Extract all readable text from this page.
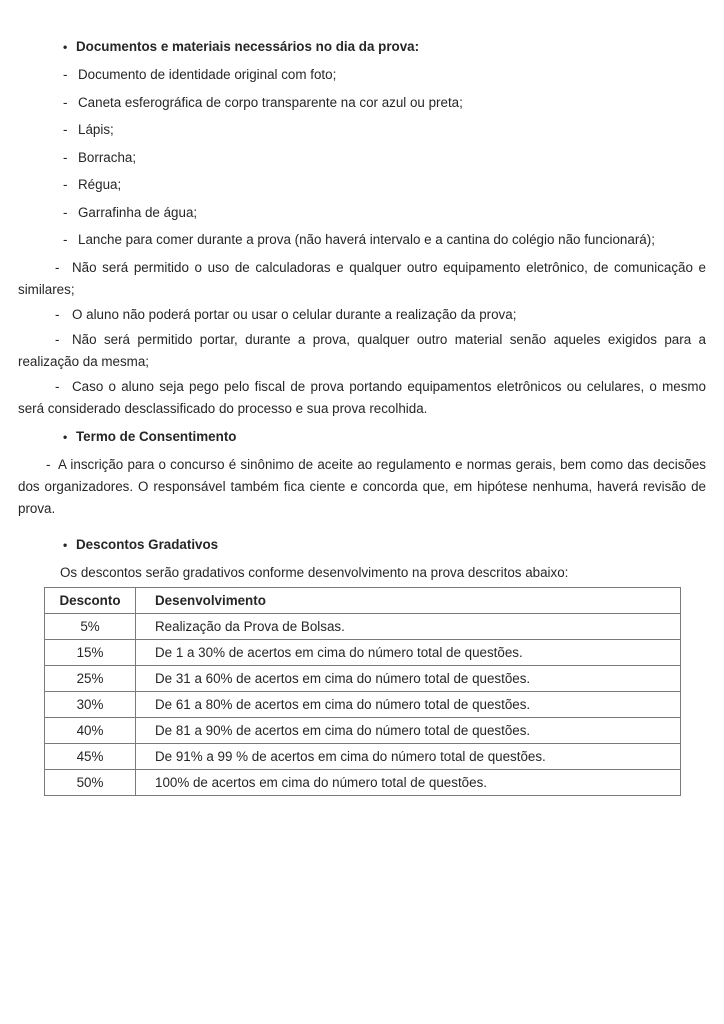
• Documentos e materiais necessários no dia da prova:

- Documento de identidade original com foto;

- Caneta esferográfica de corpo transparente na cor azul ou preta;

- Lápis;

- Borracha;

- Régua;

- Garrafinha de água;

- Lanche para comer durante a prova (não haverá intervalo e a cantina do colégio não funcionará);

- Não será permitido o uso de calculadoras e qualquer outro equipamento eletrônico, de comunicação e similares;

- O aluno não poderá portar ou usar o celular durante a realização da prova;

- Não será permitido portar, durante a prova, qualquer outro material senão aqueles exigidos para a realização da mesma;

- Caso o aluno seja pego pelo fiscal de prova portando equipamentos eletrônicos ou celulares, o mesmo será considerado desclassificado do processo e sua prova recolhida.

• Termo de Consentimento

- A inscrição para o concurso é sinônimo de aceite ao regulamento e normas gerais, bem como das decisões dos organizadores. O responsável também fica ciente e concorda que, em hipótese nenhuma, haverá revisão de prova.

• Descontos Gradativos

Os descontos serão gradativos conforme desenvolvimento na prova descritos abaixo:

Desconto	Desenvolvimento
5%	Realização da Prova de Bolsas.
15%	De 1 a 30% de acertos em cima do número total de questões.
25%	De 31 a 60% de acertos em cima do número total de questões.
30%	De 61 a 80% de acertos em cima do número total de questões.
40%	De 81 a 90% de acertos em cima do número total de questões.
45%	De 91% a 99 % de acertos em cima do número total de questões.
50%	100% de acertos em cima do número total de questões.
